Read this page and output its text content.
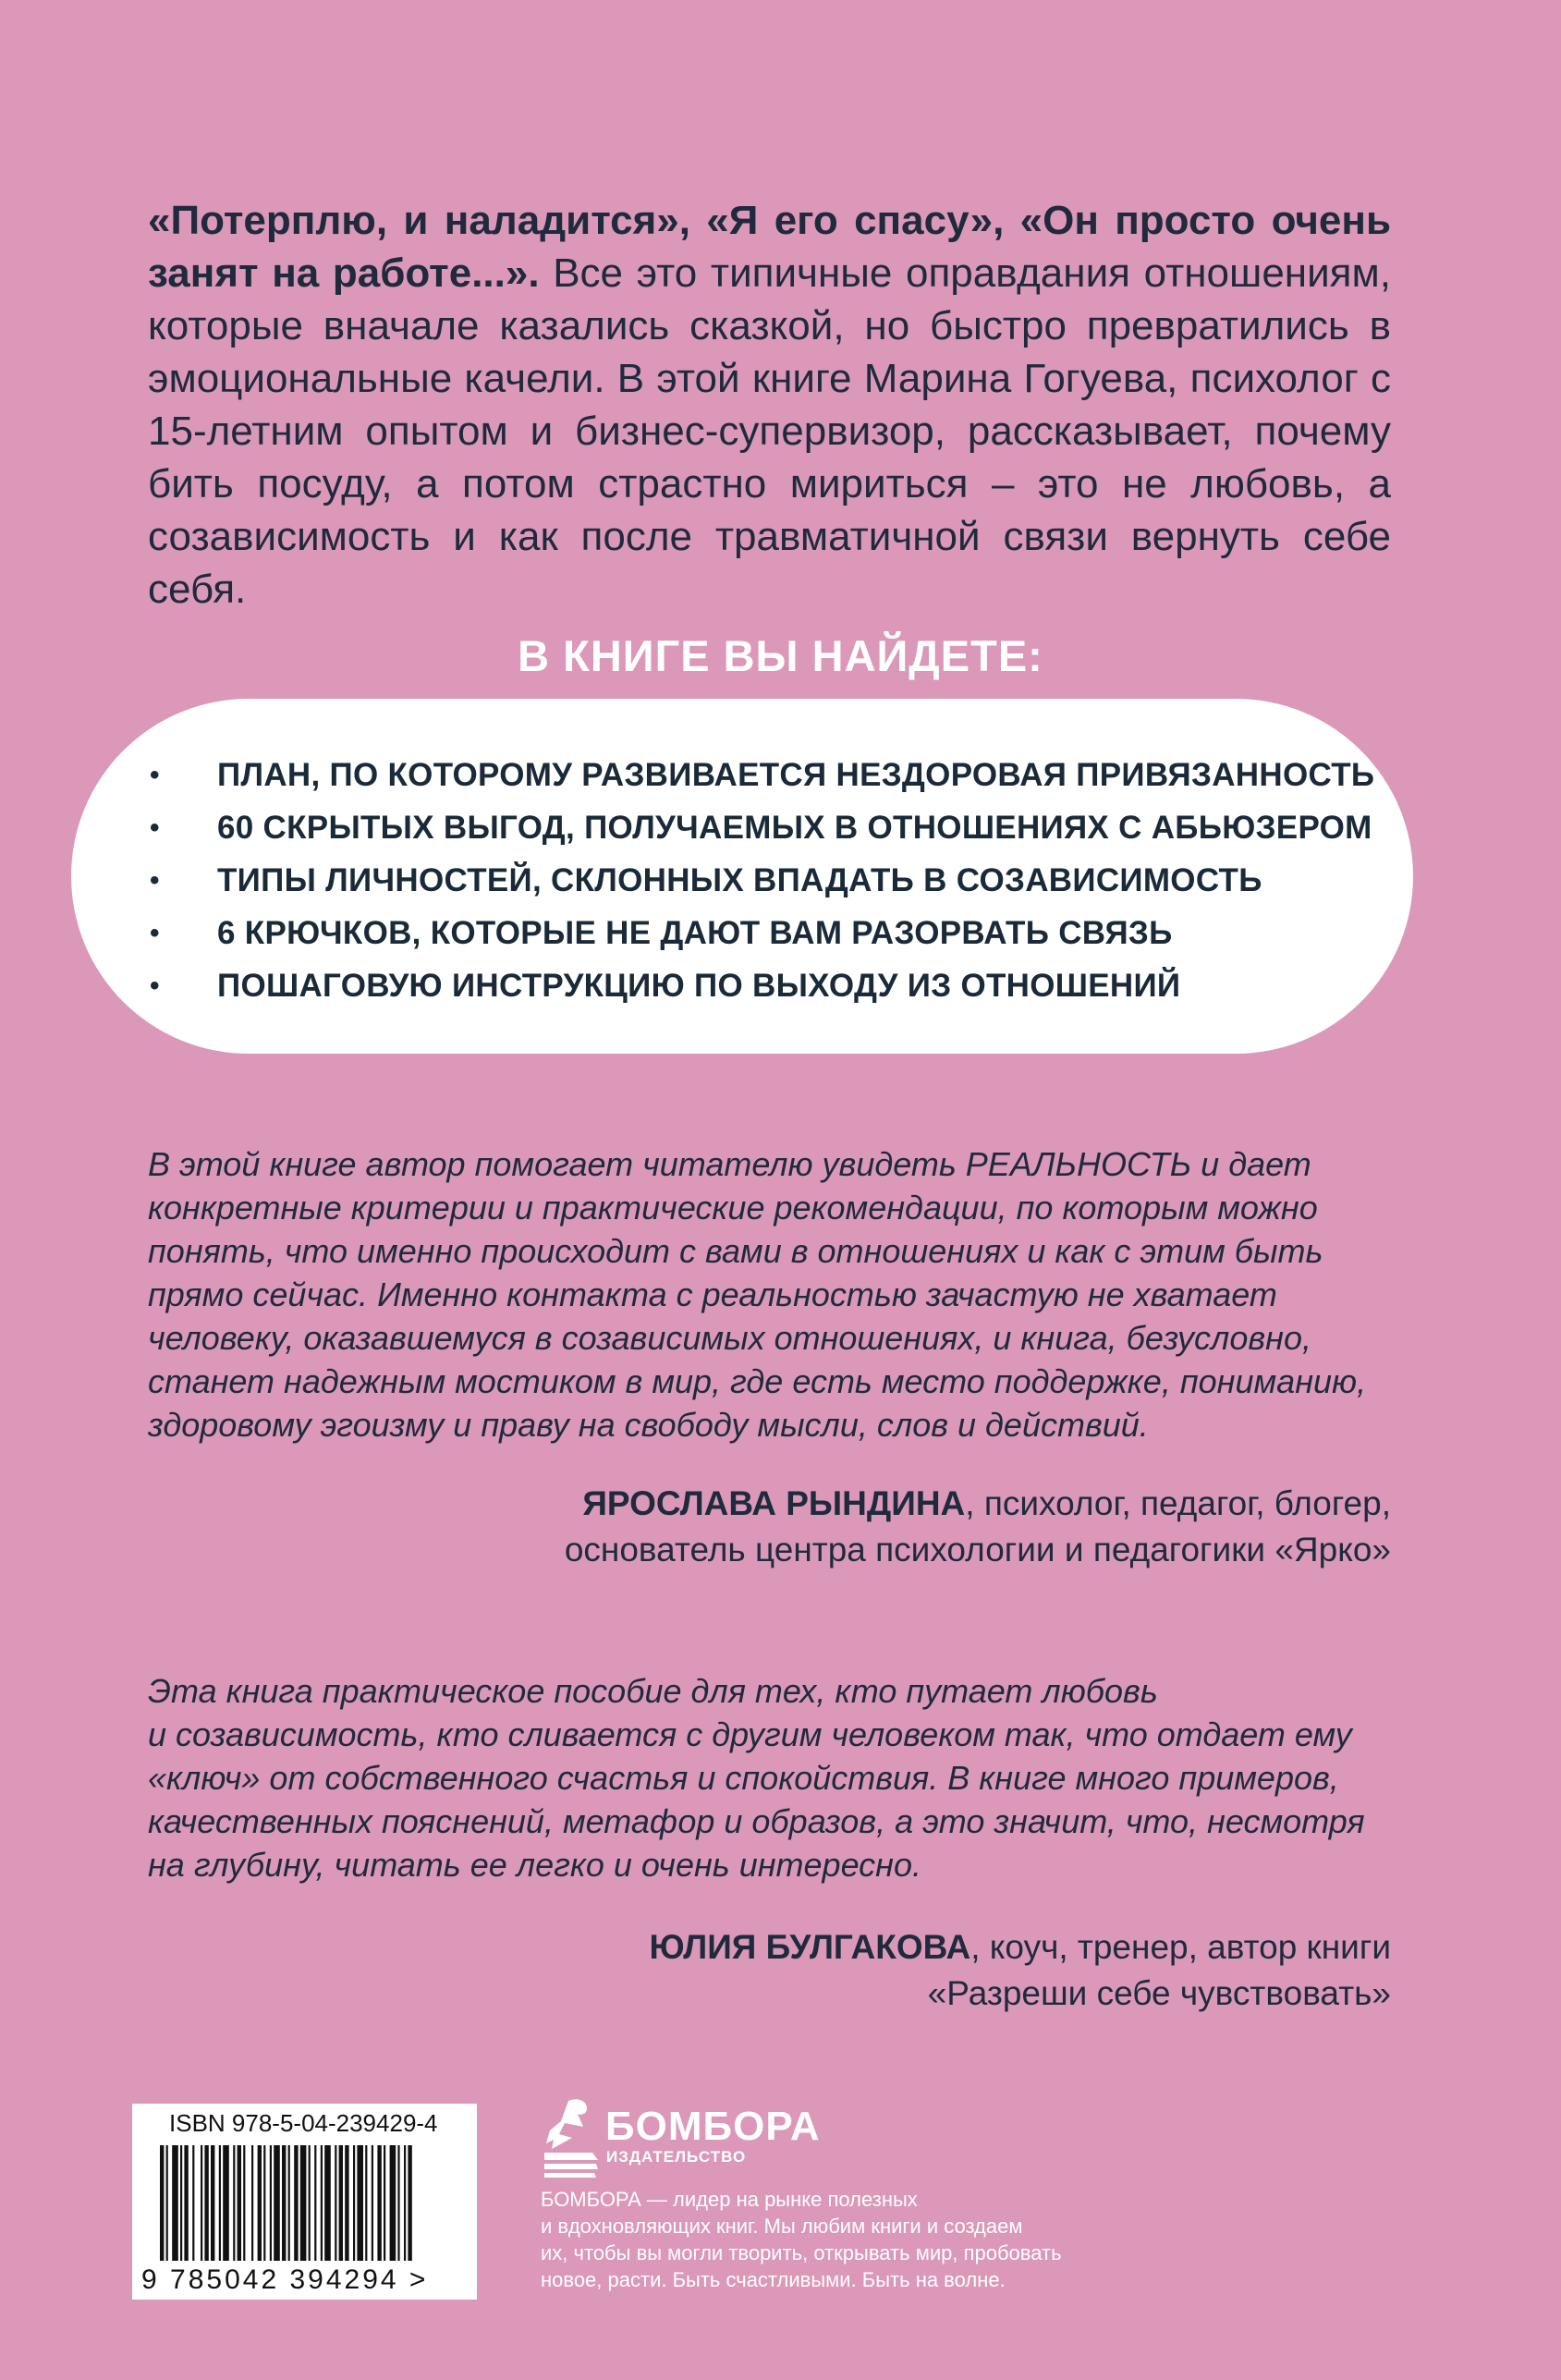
«Потерплю, и наладится», «Я его спасу», «Он просто очень занят на работе...». Все это типичные оправдания отношениям, которые вначале казались сказкой, но быстро превратились в эмоциональные качели. В этой книге Марина Гогуева, психолог с 15-летним опытом и бизнес-супервизор, рассказывает, почему бить посуду, а потом страстно мириться – это не любовь, а созависимость и как после травматичной связи вернуть себе себя.

В КНИГЕ ВЫ НАЙДЕТЕ:
• ПЛАН, ПО КОТОРОМУ РАЗВИВАЕТСЯ НЕЗДОРОВАЯ ПРИВЯЗАННОСТЬ
• 60 СКРЫТЫХ ВЫГОД, ПОЛУЧАЕМЫХ В ОТНОШЕНИЯХ С АБЬЮЗЕРОМ
• ТИПЫ ЛИЧНОСТЕЙ, СКЛОННЫХ ВПАДАТЬ В СОЗАВИСИМОСТЬ
• 6 КРЮЧКОВ, КОТОРЫЕ НЕ ДАЮТ ВАМ РАЗОРВАТЬ СВЯЗЬ
• ПОШАГОВУЮ ИНСТРУКЦИЮ ПО ВЫХОДУ ИЗ ОТНОШЕНИЙ

В этой книге автор помогает читателю увидеть РЕАЛЬНОСТЬ и дает
конкретные критерии и практические рекомендации, по которым можно
понять, что именно происходит с вами в отношениях и как с этим быть
прямо сейчас. Именно контакта с реальностью зачастую не хватает
человеку, оказавшемуся в созависимых отношениях, и книга, безусловно,
станет надежным мостиком в мир, где есть место поддержке, пониманию,
здоровому эгоизму и праву на свободу мысли, слов и действий.

ЯРОСЛАВА РЫНДИНА, психолог, педагог, блогер,
основатель центра психологии и педагогики «Ярко»

Эта книга практическое пособие для тех, кто путает любовь
и созависимость, кто сливается с другим человеком так, что отдает ему
«ключ» от собственного счастья и спокойствия. В книге много примеров,
качественных пояснений, метафор и образов, а это значит, что, несмотря
на глубину, читать ее легко и очень интересно.

ЮЛИЯ БУЛГАКОВА, коуч, тренер, автор книги
«Разреши себе чувствовать»

ISBN 978-5-04-239429-4
9 785042 394294 >
БОМБОРА
ИЗДАТЕЛЬСТВО

БОМБОРА — лидер на рынке полезных
и вдохновляющих книг. Мы любим книги и создаем
их, чтобы вы могли творить, открывать мир, пробовать
новое, расти. Быть счастливыми. Быть на волне.
